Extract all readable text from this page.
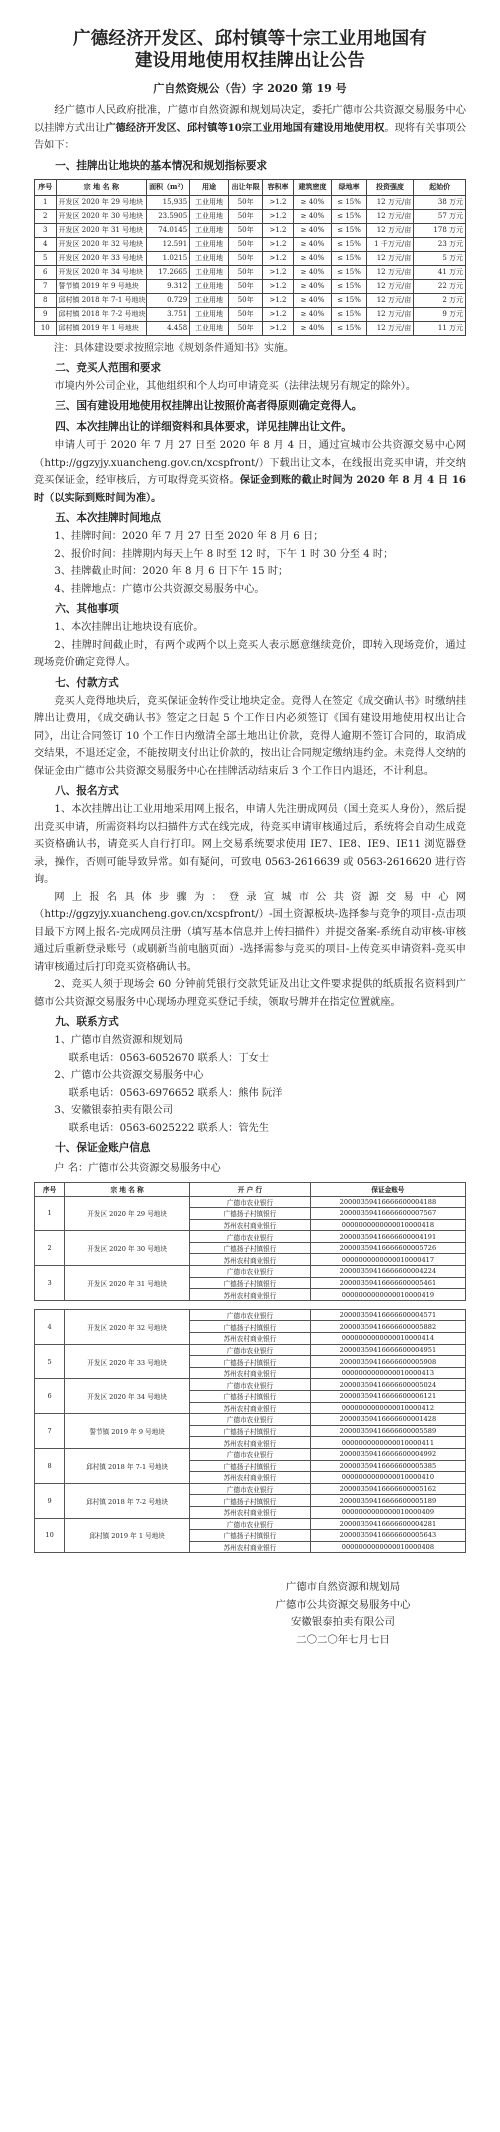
广德经济开发区、邱村镇等十宗工业用地国有
建设用地使用权挂牌出让公告
广自然资规公（告）字 2020 第 19 号

经广德市人民政府批准，广德市自然资源和规划局决定，委托广德市公共资源交易服务中心以挂牌方式出让广德经济开发区、邱村镇等10宗工业用地国有建设用地使用权。现将有关事项公告如下：

一、挂牌出让地块的基本情况和规划指标要求
序号	宗 地 名 称	面积（m²）	用途	出让年限	容积率	建筑密度	绿地率	投资强度	起始价
1	开发区 2020 年 29 号地块	15,935	工业用地	50年	>1.2	≥ 40%	≤ 15%	12 万元/亩	38 万元
2	开发区 2020 年 30 号地块	23.5905	工业用地	50年	>1.2	≥ 40%	≤ 15%	12 万元/亩	57 万元
3	开发区 2020 年 31 号地块	74.0145	工业用地	50年	>1.2	≥ 40%	≤ 15%	12 万元/亩	178 万元
4	开发区 2020 年 32 号地块	12.591	工业用地	50年	>1.2	≥ 40%	≤ 15%	1 千万元/亩	23 万元
5	开发区 2020 年 33 号地块	1.0215	工业用地	50年	>1.2	≥ 40%	≤ 15%	12 万元/亩	5 万元
6	开发区 2020 年 34 号地块	17.2665	工业用地	50年	>1.2	≥ 40%	≤ 15%	12 万元/亩	41 万元
7	誓节镇 2019 年 9 号地块	9.312	工业用地	50年	>1.2	≥ 40%	≤ 15%	12 万元/亩	22 万元
8	邱村镇 2018 年 7-1 号地块	0.729	工业用地	50年	>1.2	≥ 40%	≤ 15%	12 万元/亩	2 万元
9	邱村镇 2018 年 7-2 号地块	3.751	工业用地	50年	>1.2	≥ 40%	≤ 15%	12 万元/亩	9 万元
10	邱村镇 2019 年 1 号地块	4.458	工业用地	50年	>1.2	≥ 40%	≤ 15%	12 万元/亩	11 万元
注：具体建设要求按照宗地《规划条件通知书》实施。
二、竞买人范围和要求

市境内外公司企业，其他组织和个人均可申请竞买（法律法规另有规定的除外）。

三、国有建设用地使用权挂牌出让按照价高者得原则确定竞得人。
四、本次挂牌出让的详细资料和具体要求，详见挂牌出让文件。

申请人可于 2020 年 7 月 27 日至 2020 年 8 月 4 日，通过宣城市公共资源交易中心网（http://ggzyjy.xuancheng.gov.cn/xcspfront/）下载出让文本，在线报出竞买申请，并交纳竞买保证金，经审核后，方可取得竞买资格。保证金到账的截止时间为 2020 年 8 月 4 日 16 时（以实际到账时间为准）。

五、本次挂牌时间地点

1、挂牌时间：2020 年 7 月 27 日至 2020 年 8 月 6 日；

2、报价时间：挂牌期内每天上午 8 时至 12 时，下午 1 时 30 分至 4 时；

3、挂牌截止时间：2020 年 8 月 6 日下午 15 时；

4、挂牌地点：广德市公共资源交易服务中心。

六、其他事项

1、本次挂牌出让地块设有底价。

2、挂牌时间截止时，有两个或两个以上竞买人表示愿意继续竞价，即转入现场竞价，通过现场竞价确定竞得人。

七、付款方式

竞买人竞得地块后，竞买保证金转作受让地块定金。竞得人在签定《成交确认书》时缴纳挂牌出让费用，《成交确认书》签定之日起 5 个工作日内必须签订《国有建设用地使用权出让合同》，出让合同签订 10 个工作日内缴清全部土地出让价款，竞得人逾期不签订合同的，取消成交结果，不退还定金，不能按期支付出让价款的，按出让合同规定缴纳违约金。未竞得人交纳的保证金由广德市公共资源交易服务中心在挂牌活动结束后 3 个工作日内退还，不计利息。

八、报名方式

1、本次挂牌出让工业用地采用网上报名，申请人先注册成网员（国土竞买人身份），然后提出竞买申请，所需资料均以扫描件方式在线完成，待竞买申请审核通过后，系统将会自动生成竞买资格确认书，请竞买人自行打印。网上交易系统要求使用 IE7、IE8、IE9、IE11 浏览器登录，操作，否则可能导致异常。如有疑问，可致电 0563-2616639 或 0563-2616620 进行咨询。

网上报名具体步骤为：登录宣城市公共资源交易中心网（http://ggzyjy.xuancheng.gov.cn/xcspfront/）-国土资源板块-选择参与竞争的项目-点击项目最下方网上报名-完成网员注册（填写基本信息并上传扫描件）并提交备案-系统自动审核-审核通过后重新登录账号（或刷新当前电脑页面）-选择需参与竞买的项目-上传竞买申请资料-竞买申请审核通过后打印竞买资格确认书。

2、竞买人须于现场会 60 分钟前凭银行交款凭证及出让文件要求提供的纸质报名资料到广德市公共资源交易服务中心现场办理竞买登记手续，领取号牌并在指定位置就座。

九、联系方式

1、广德市自然资源和规划局

联系电话：0563-6052670 联系人：丁女士

2、广德市公共资源交易服务中心

联系电话：0563-6976652 联系人：熊伟 阮洋

3、安徽银泰拍卖有限公司

联系电话：0563-6025222 联系人：管先生

十、保证金账户信息
户 名：广德市公共资源交易服务中心
序号	宗 地 名 称	开 户 行	保证金账号
1	开发区 2020 年 29 号地块	广德市农业银行	20000359416666600004188
		广德扬子村镇银行	20000359416666600007567
		苏州农村商业银行	0000000000000010000418
2	开发区 2020 年 30 号地块	广德市农业银行	20000359416666600004191
		广德扬子村镇银行	20000359416666600005726
		苏州农村商业银行	0000000000000010000417
3	开发区 2020 年 31 号地块	广德市农业银行	20000359416666600004224
		广德扬子村镇银行	20000359416666600005461
		苏州农村商业银行	0000000000000010000419
4	开发区 2020 年 32 号地块	广德市农业银行	20000359416666600004571
		广德扬子村镇银行	20000359416666600005882
		苏州农村商业银行	0000000000000010000414
5	开发区 2020 年 33 号地块	广德市农业银行	20000359416666600004951
		广德扬子村镇银行	20000359416666600005908
		苏州农村商业银行	0000000000000010000413
6	开发区 2020 年 34 号地块	广德市农业银行	20000359416666600005024
		广德扬子村镇银行	20000359416666600006121
		苏州农村商业银行	0000000000000010000412
7	誓节镇 2019 年 9 号地块	广德市农业银行	20000359416666600001428
		广德扬子村镇银行	20000359416666600005589
		苏州农村商业银行	0000000000000010000411
8	邱村镇 2018 年 7-1 号地块	广德市农业银行	20000359416666600004992
		广德扬子村镇银行	20000359416666600005385
		苏州农村商业银行	0000000000000010000410
9	邱村镇 2018 年 7-2 号地块	广德市农业银行	20000359416666600005162
		广德扬子村镇银行	20000359416666600005189
		苏州农村商业银行	0000000000000010000409
10	邱村镇 2019 年 1 号地块	广德市农业银行	20000359416666600004281
		广德扬子村镇银行	20000359416666600005643
		苏州农村商业银行	0000000000000010000408
广德市自然资源和规划局
广德市公共资源交易服务中心
安徽银泰拍卖有限公司
二〇二〇年七月七日
